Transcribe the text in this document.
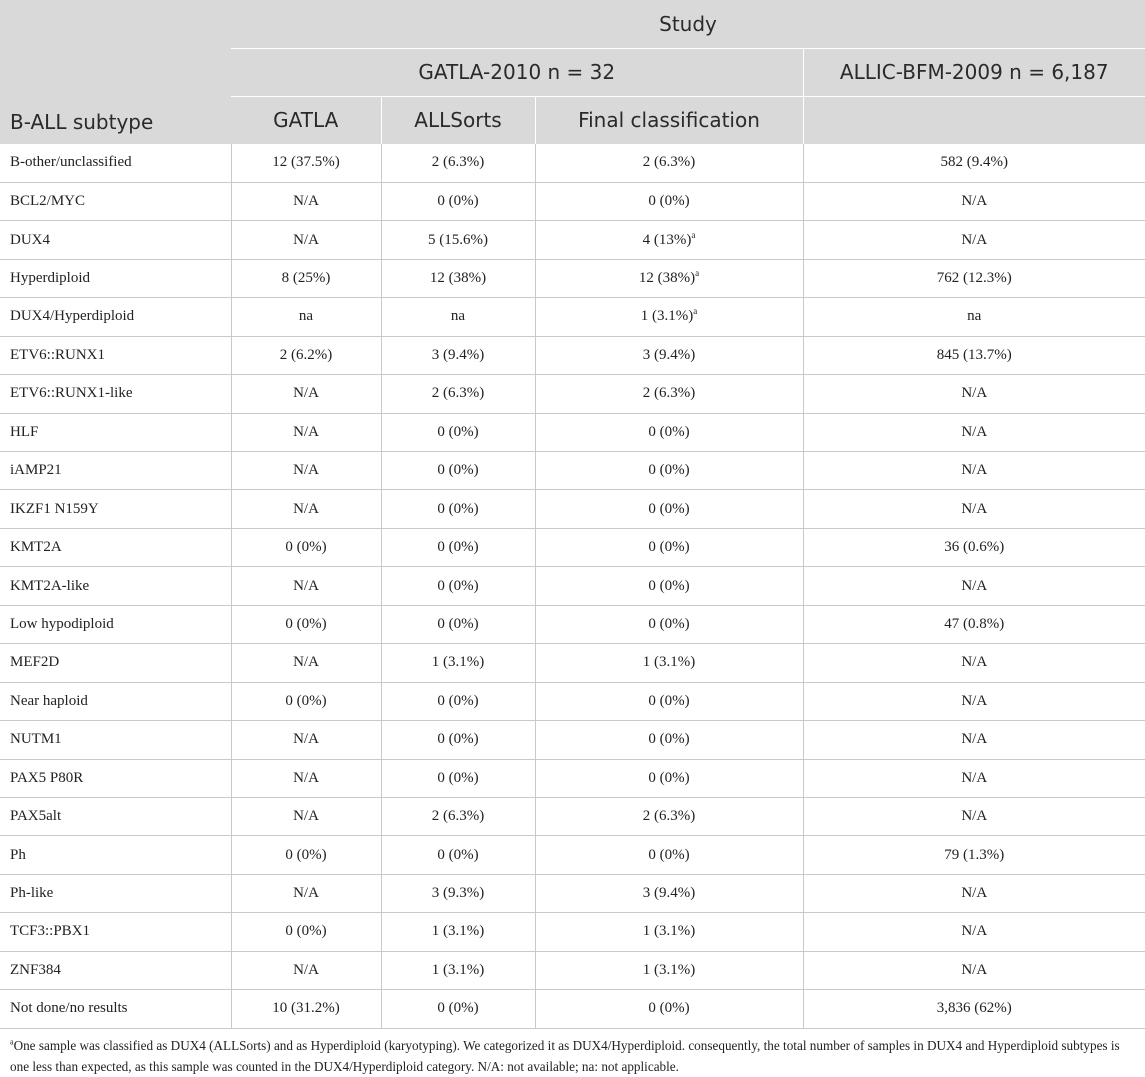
B-ALL subtype	Study			
	GATLA-2010 n = 32			ALLIC-BFM-2009 n = 6,187
	GATLA	ALLSorts	Final classification	
B-other/unclassified	12 (37.5%)	2 (6.3%)	2 (6.3%)	582 (9.4%)
BCL2/MYC	N/A	0 (0%)	0 (0%)	N/A
DUX4	N/A	5 (15.6%)	4 $(13\%)^a$	N/A
Hyperdiploid	8 (25%)	12 (38%)	12 $(38\%)^a$	762 (12.3%)
DUX4/Hyperdiploid	na	na	1 $(3.1\%)^a$	na
ETV6::RUNX1	2 (6.2%)	3 (9.4%)	3 (9.4%)	845 (13.7%)
ETV6::RUNX1-like	N/A	2 (6.3%)	2 (6.3%)	N/A
HLF	N/A	0 (0%)	0 (0%)	N/A
iAMP21	N/A	0 (0%)	0 (0%)	N/A
IKZF1 N159Y	N/A	0 (0%)	0 (0%)	N/A
KMT2A	0 (0%)	0 (0%)	0 (0%)	36 (0.6%)
KMT2A-like	N/A	0 (0%)	0 (0%)	N/A
Low hypodiploid	0 (0%)	0 (0%)	0 (0%)	47 (0.8%)
MEF2D	N/A	1 (3.1%)	1 (3.1%)	N/A
Near haploid	0 (0%)	0 (0%)	0 (0%)	N/A
NUTM1	N/A	0 (0%)	0 (0%)	N/A
PAX5 P80R	N/A	0 (0%)	0 (0%)	N/A
PAX5alt	N/A	2 (6.3%)	2 (6.3%)	N/A
Ph	0 (0%)	0 (0%)	0 (0%)	79 (1.3%)
Ph-like	N/A	3 (9.3%)	3 (9.4%)	N/A
TCF3::PBX1	0 (0%)	1 (3.1%)	1 (3.1%)	N/A
ZNF384	N/A	1 (3.1%)	1 (3.1%)	N/A
Not done/no results	10 (31.2%)	0 (0%)	0 (0%)	3,836 (62%)
$^a$One sample was classified as DUX4 (ALLSorts) and as Hyperdiploid (karyotyping). We categorized it as DUX4/Hyperdiploid. consequently, the total number of samples in DUX4 and Hyperdiploid subtypes is one less than expected, as this sample was counted in the DUX4/Hyperdiploid category. N/A: not available; na: not applicable.
